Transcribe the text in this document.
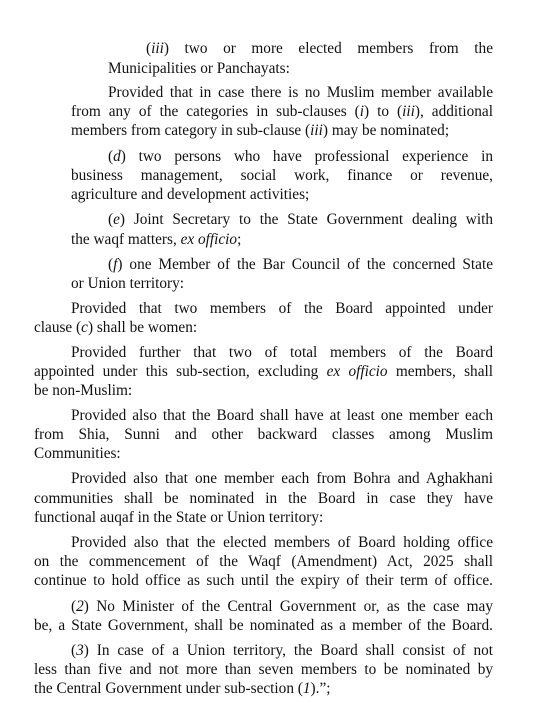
(iii) two or more elected members from the
Municipalities or Panchayats:
Provided that in case there is no Muslim member available
from any of the categories in sub-clauses (i) to (iii), additional
members from category in sub-clause (iii) may be nominated;
(d) two persons who have professional experience in
business management, social work, finance or revenue,
agriculture and development activities;
(e) Joint Secretary to the State Government dealing with
the waqf matters, ex officio;
(f) one Member of the Bar Council of the concerned State
or Union territory:
Provided that two members of the Board appointed under
clause (c) shall be women:
Provided further that two of total members of the Board
appointed under this sub-section, excluding ex officio members, shall
be non-Muslim:
Provided also that the Board shall have at least one member each
from Shia, Sunni and other backward classes among Muslim
Communities:
Provided also that one member each from Bohra and Aghakhani
communities shall be nominated in the Board in case they have
functional auqaf in the State or Union territory:
Provided also that the elected members of Board holding office
on the commencement of the Waqf (Amendment) Act, 2025 shall
continue to hold office as such until the expiry of their term of office.
(2) No Minister of the Central Government or, as the case may
be, a State Government, shall be nominated as a member of the Board.
(3) In case of a Union territory, the Board shall consist of not
less than five and not more than seven members to be nominated by
the Central Government under sub-section (1).”;
